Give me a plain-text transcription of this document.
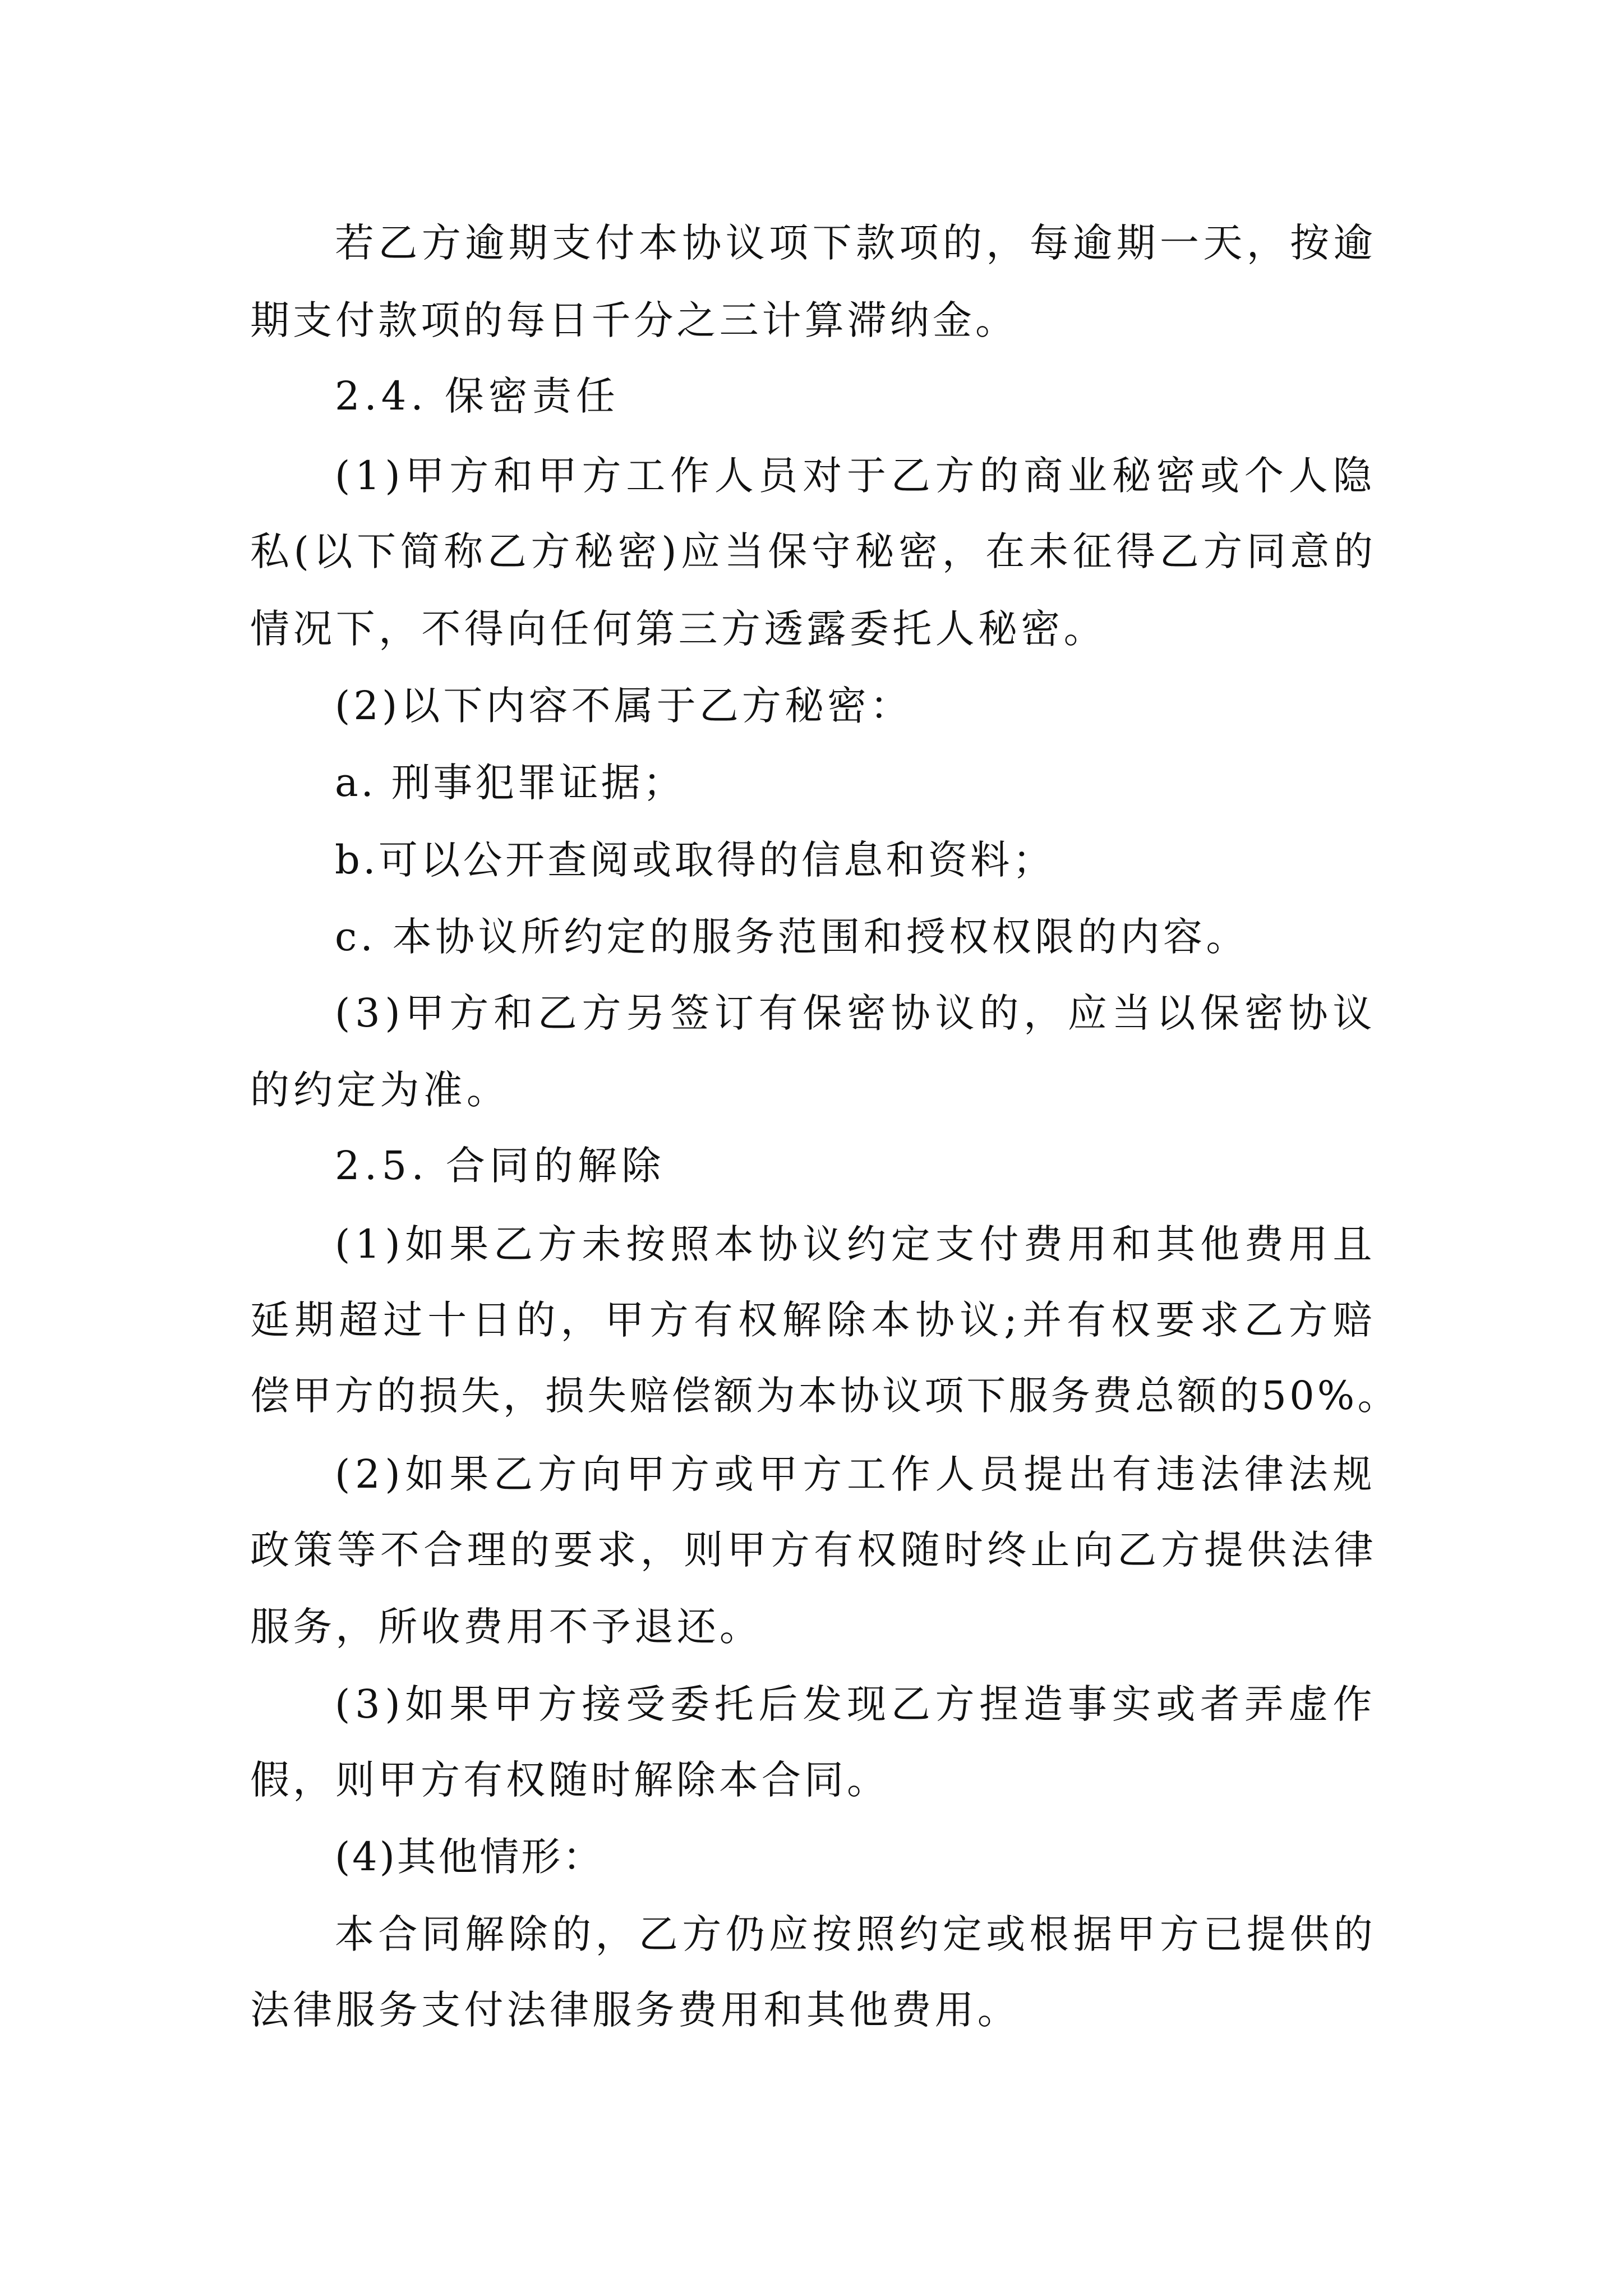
若乙方逾期支付本协议项下款项的，每逾期一天，按逾
期支付款项的每日千分之三计算滞纳金。
2.4. 保密责任
(1)甲方和甲方工作人员对于乙方的商业秘密或个人隐
私(以下简称乙方秘密)应当保守秘密，在未征得乙方同意的
情况下，不得向任何第三方透露委托人秘密。
(2)以下内容不属于乙方秘密：
a. 刑事犯罪证据；
b.可以公开查阅或取得的信息和资料；
c. 本协议所约定的服务范围和授权权限的内容。
(3)甲方和乙方另签订有保密协议的，应当以保密协议
的约定为准。
2.5. 合同的解除
(1)如果乙方未按照本协议约定支付费用和其他费用且
延期超过十日的，甲方有权解除本协议;并有权要求乙方赔
偿甲方的损失，损失赔偿额为本协议项下服务费总额的50%。
(2)如果乙方向甲方或甲方工作人员提出有违法律法规
政策等不合理的要求，则甲方有权随时终止向乙方提供法律
服务，所收费用不予退还。
(3)如果甲方接受委托后发现乙方捏造事实或者弄虚作
假，则甲方有权随时解除本合同。
(4)其他情形：
本合同解除的，乙方仍应按照约定或根据甲方已提供的
法律服务支付法律服务费用和其他费用。
